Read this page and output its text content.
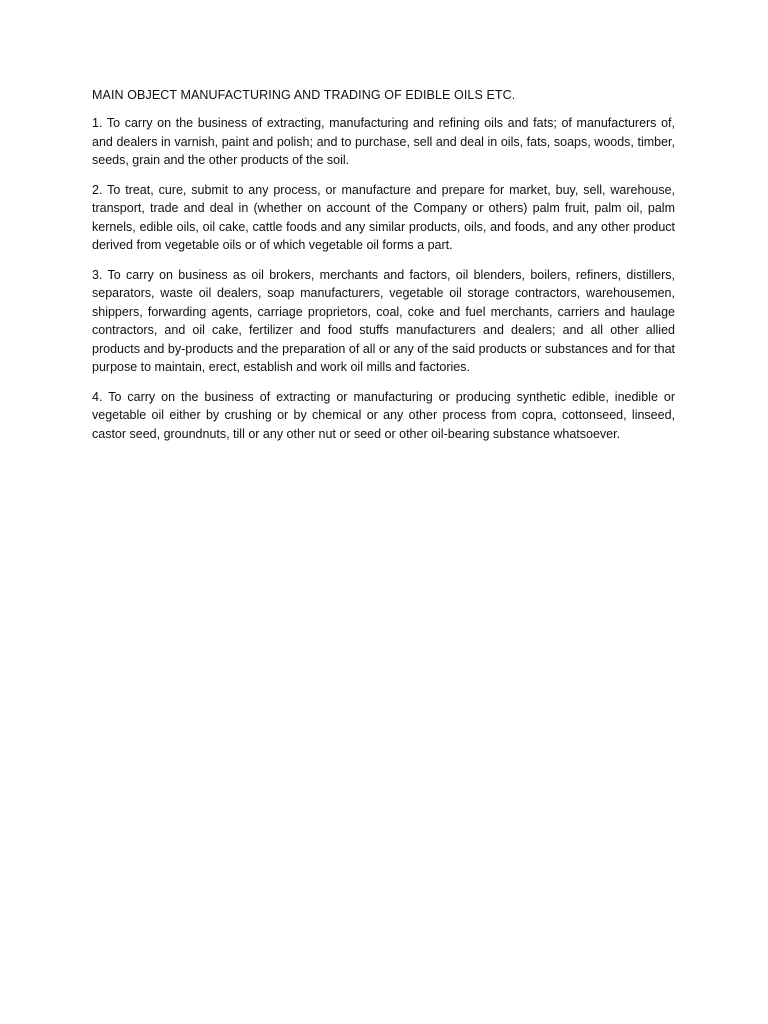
MAIN OBJECT MANUFACTURING AND TRADING OF EDIBLE OILS ETC.

1. To carry on the business of extracting, manufacturing and refining oils and fats; of manufacturers of, and dealers in varnish, paint and polish; and to purchase, sell and deal in oils, fats, soaps, woods, timber, seeds, grain and the other products of the soil.

2. To treat, cure, submit to any process, or manufacture and prepare for market, buy, sell, warehouse, transport, trade and deal in (whether on account of the Company or others) palm fruit, palm oil, palm kernels, edible oils, oil cake, cattle foods and any similar products, oils, and foods, and any other product derived from vegetable oils or of which vegetable oil forms a part.

3. To carry on business as oil brokers, merchants and factors, oil blenders, boilers, refiners, distillers, separators, waste oil dealers, soap manufacturers, vegetable oil storage contractors, warehousemen, shippers, forwarding agents, carriage proprietors, coal, coke and fuel merchants, carriers and haulage contractors, and oil cake, fertilizer and food stuffs manufacturers and dealers; and all other allied products and by-products and the preparation of all or any of the said products or substances and for that purpose to maintain, erect, establish and work oil mills and factories.

4. To carry on the business of extracting or manufacturing or producing synthetic edible, inedible or vegetable oil either by crushing or by chemical or any other process from copra, cottonseed, linseed, castor seed, groundnuts, till or any other nut or seed or other oil-bearing substance whatsoever.
